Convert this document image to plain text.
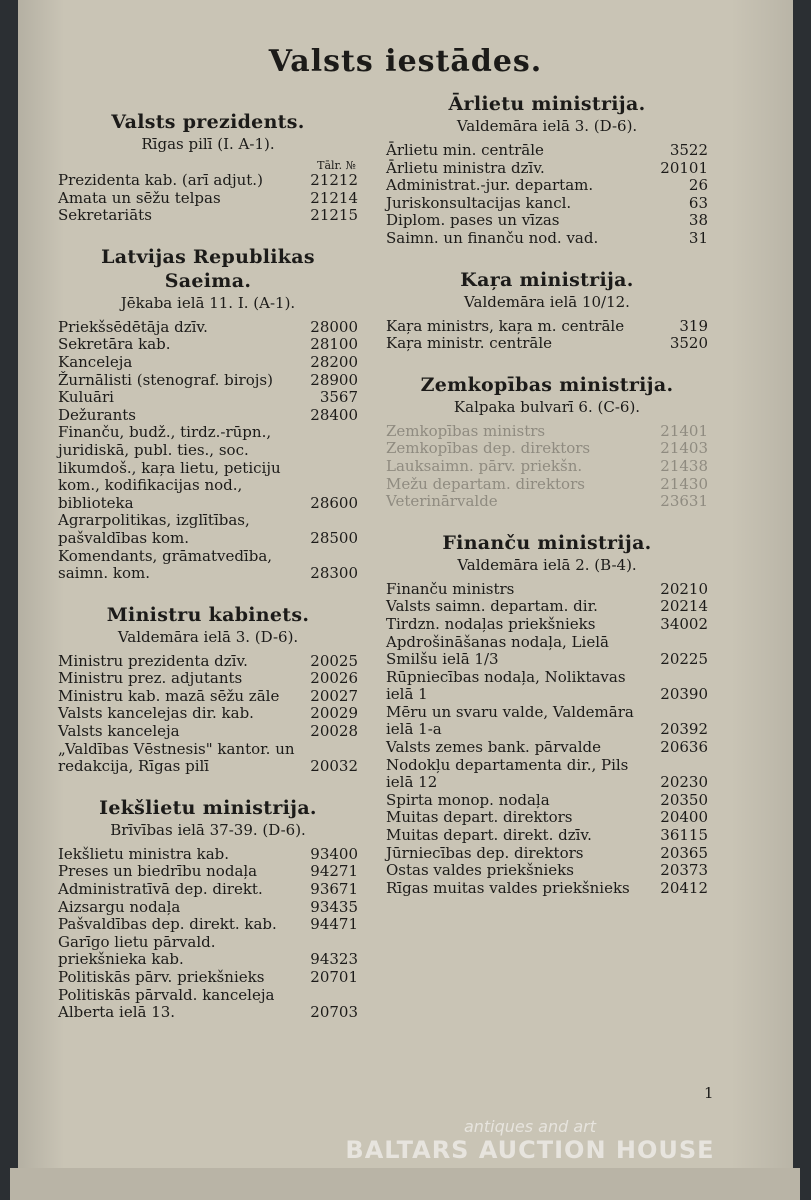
Valsts iestādes.
Valsts prezidents.
Rīgas pilī (I. A-1).
Tālr. №
Prezidenta kab. (arī adjut.)	21212
Amata un sēžu telpas	21214
Sekretariāts	21215
Latvijas Republikas Saeima.
Jēkaba ielā 11. I. (A-1).
Priekšsēdētāja dzīv.	28000
Sekretāra kab.	28100
Kanceleja	28200
Žurnālisti (stenograf. birojs)	28900
Kuluāri	3567
Dežurants	28400
Finanču, budž., tirdz.-rūpn., juridiskā, publ. ties., soc. likumdoš., kaŗa lietu, peticiju kom., kodifikacijas nod., biblioteka	28600
Agrarpolitikas, izglītības, pašvaldības kom.	28500
Komendants, grāmatvedība, saimn. kom.	28300
Ministru kabinets.
Valdemāra ielā 3. (D-6).
Ministru prezidenta dzīv.	20025
Ministru prez. adjutants	20026
Ministru kab. mazā sēžu zāle	20027
Valsts kancelejas dir. kab.	20029
Valsts kanceleja	20028
„Valdības Vēstnesis" kantor. un redakcija, Rīgas pilī	20032
Iekšlietu ministrija.
Brīvības ielā 37-39. (D-6).
Iekšlietu ministra kab.	93400
Preses un biedrību nodaļa	94271
Administratīvā dep. direkt.	93671
Aizsargu nodaļa	93435
Pašvaldības dep. direkt. kab.	94471
Garīgo lietu pārvald. priekšnieka kab.	94323
Politiskās pārv. priekšnieks	20701
Politiskās pārvald. kanceleja Alberta ielā 13.	20703
Ārlietu ministrija.
Valdemāra ielā 3. (D-6).
Ārlietu min. centrāle	3522
Ārlietu ministra dzīv.	20101
Administrat.-jur. departam.	26
Juriskonsultacijas kancl.	63
Diplom. pases un vīzas	38
Saimn. un finanču nod. vad.	31
Kaŗa ministrija.
Valdemāra ielā 10/12.
Kaŗa ministrs, kaŗa m. centrāle	319
Kaŗa ministr. centrāle	3520
Zemkopības ministrija.
Kalpaka bulvarī 6. (C-6).
Zemkopības ministrs	21401
Zemkopības dep. direktors	21403
Lauksaimn. pārv. priekšn.	21438
Mežu departam. direktors	21430
Veterinārvalde	23631
Finanču ministrija.
Valdemāra ielā 2. (B-4).
Finanču ministrs	20210
Valsts saimn. departam. dir.	20214
Tirdzn. nodaļas priekšnieks	34002
Apdrošināšanas nodaļa, Lielā Smilšu ielā 1/3	20225
Rūpniecības nodaļa, Noliktavas ielā 1	20390
Mēru un svaru valde, Valdemāra ielā 1-a	20392
Valsts zemes bank. pārvalde	20636
Nodokļu departamenta dir., Pils ielā 12	20230
Spirta monop. nodaļa	20350
Muitas depart. direktors	20400
Muitas depart. direkt. dzīv.	36115
Jūrniecības dep. direktors	20365
Ostas valdes priekšnieks	20373
Rīgas muitas valdes priekšnieks	20412
1
antiques and art
BALTARS AUCTION HOUSE
